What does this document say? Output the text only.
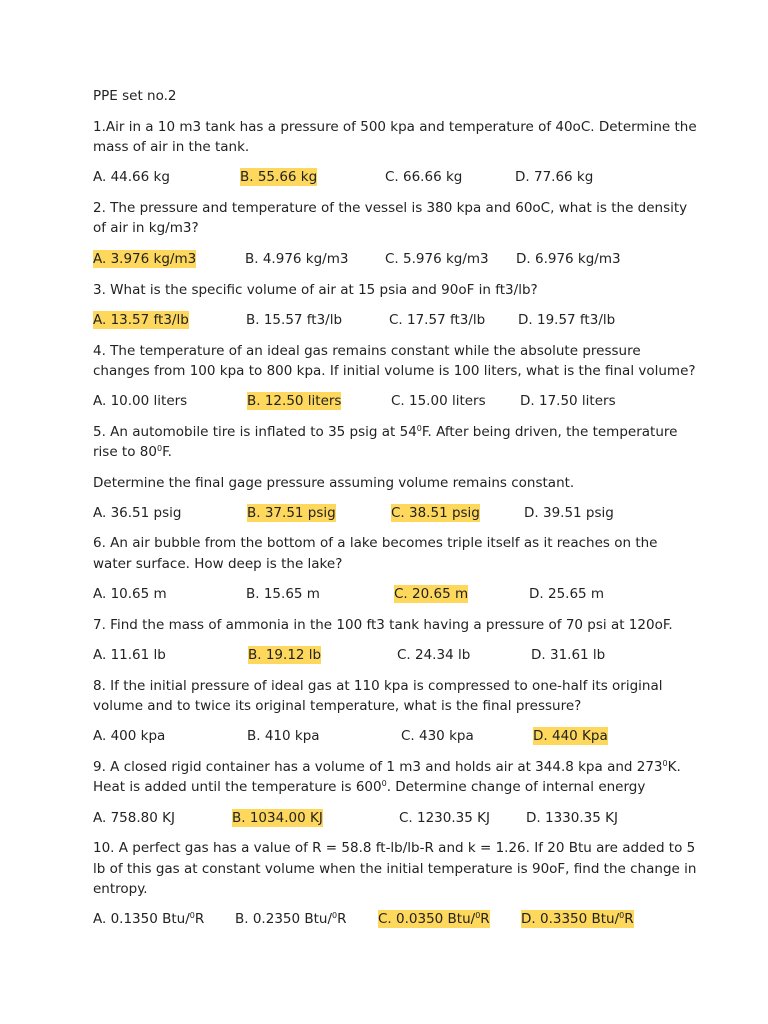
PPE set no.2
1.Air in a 10 m3 tank has a pressure of 500 kpa and temperature of 40oC. Determine the
mass of air in the tank.
A. 44.66 kg	B. 55.66 kg	C. 66.66 kg	D. 77.66 kg
2. The pressure and temperature of the vessel is 380 kpa and 60oC, what is the density
of air in kg/m3?
A. 3.976 kg/m3	B. 4.976 kg/m3	C. 5.976 kg/m3 D. 6.976 kg/m3
3. What is the specific volume of air at 15 psia and 90oF in ft3/lb?
A. 13.57 ft3/lb	B. 15.57 ft3/lb	C. 17.57 ft3/lb D. 19.57 ft3/lb
4. The temperature of an ideal gas remains constant while the absolute pressure
changes from 100 kpa to 800 kpa. If initial volume is 100 liters, what is the final volume?
A. 10.00 liters	B. 12.50 liters	C. 15.00 liters	D. 17.50 liters
5. An automobile tire is inflated to 35 psig at $54^0F$. After being driven, the temperature
rise to $80^0F$.
Determine the final gage pressure assuming volume remains constant.
A. 36.51 psig	B. 37.51 psig	C. 38.51 psig	D. 39.51 psig
6. An air bubble from the bottom of a lake becomes triple itself as it reaches on the
water surface. How deep is the lake?
A. 10.65 m	B. 15.65 m	C. 20.65 m	D. 25.65 m
7. Find the mass of ammonia in the 100 ft3 tank having a pressure of 70 psi at 120oF.
A. 11.61 lb	B. 19.12 lb	C. 24.34 lb	D. 31.61 lb
8. If the initial pressure of ideal gas at 110 kpa is compressed to one-half its original
volume and to twice its original temperature, what is the final pressure?
A. 400 kpa	B. 410 kpa	C. 430 kpa	D. 440 Kpa
9. A closed rigid container has a volume of 1 m3 and holds air at 344.8 kpa and $273^0K$.
Heat is added until the temperature is $600^0$. Determine change of internal energy
A. 758.80 KJ	B. 1034.00 KJ	C. 1230.35 KJ	D. 1330.35 KJ
10. A perfect gas has a value of R = 58.8 ft-lb/lb-R and k = 1.26. If 20 Btu are added to 5
lb of this gas at constant volume when the initial temperature is 90oF, find the change in
entropy.
A. 0.1350 Btu/$^0$R B. 0.2350 Btu/$^0$R C. 0.0350 Btu/$^0$R D. 0.3350 Btu/$^0$R
